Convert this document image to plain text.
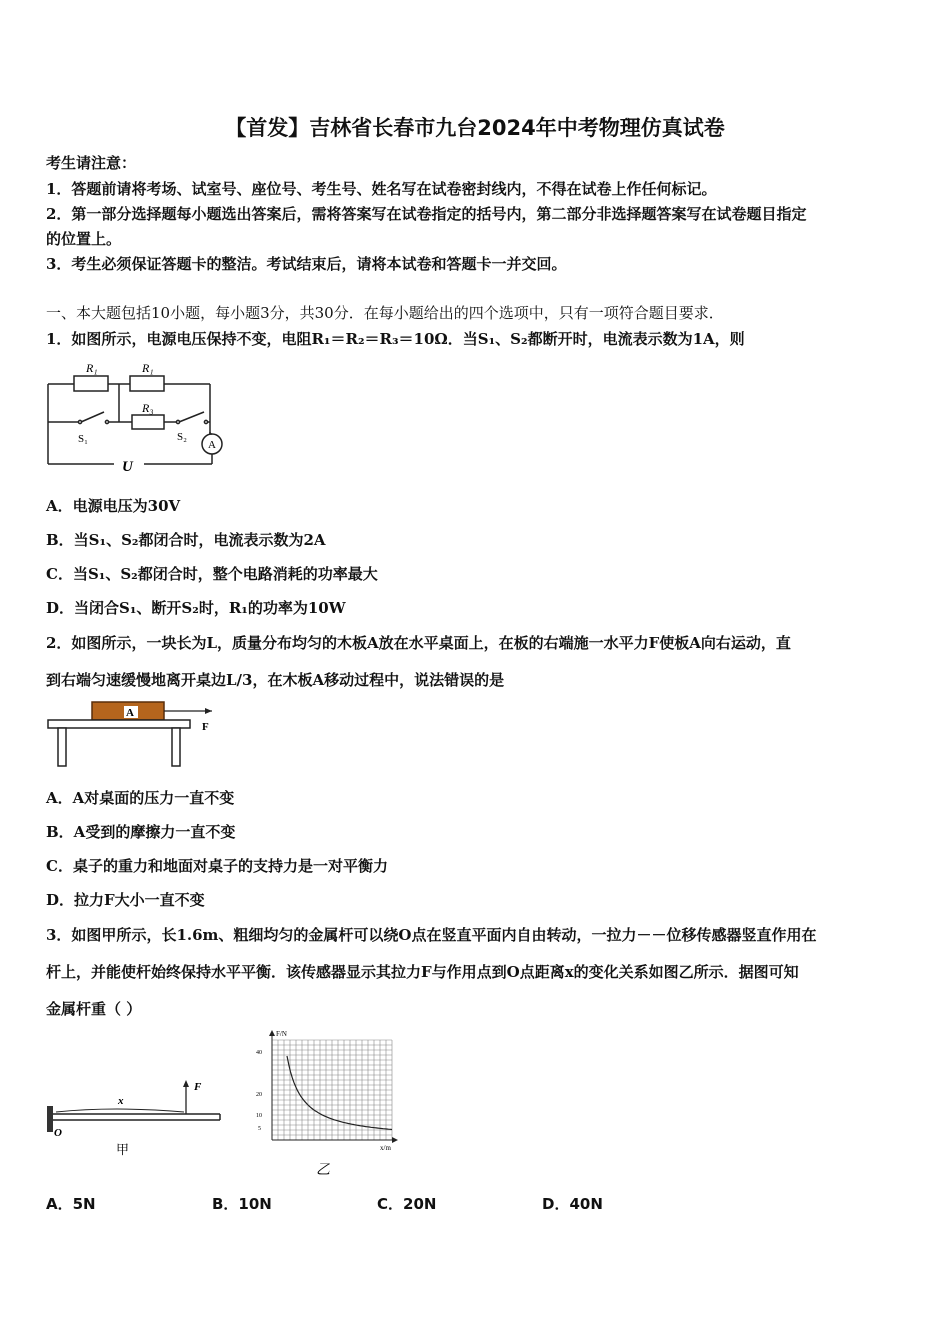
【首发】吉林省长春市九台2024年中考物理仿真试卷
考生请注意：
1．答题前请将考场、试室号、座位号、考生号、姓名写在试卷密封线内，不得在试卷上作任何标记。
2．第一部分选择题每小题选出答案后，需将答案写在试卷指定的括号内，第二部分非选择题答案写在试卷题目指定
的位置上。
3．考生必须保证答题卡的整洁。考试结束后，请将本试卷和答题卡一并交回。
一、本大题包括10小题，每小题3分，共30分．在每小题给出的四个选项中，只有一项符合题目要求．
1．如图所示，电源电压保持不变，电阻R₁＝R₂＝R₃＝10Ω．当S₁、S₂都断开时，电流表示数为1A，则
R₁	R₁
R₃
S₁	S₂
A
U
A．电源电压为30V
B．当S₁、S₂都闭合时，电流表示数为2A
C．当S₁、S₂都闭合时，整个电路消耗的功率最大
D．当闭合S₁、断开S₂时，R₁的功率为10W
2．如图所示，一块长为L，质量分布均匀的木板A放在水平桌面上，在板的右端施一水平力F使板A向右运动，直
到右端匀速缓慢地离开桌边L/3，在木板A移动过程中，说法错误的是
A
F
A．A对桌面的压力一直不变
B．A受到的摩擦力一直不变
C．桌子的重力和地面对桌子的支持力是一对平衡力
D．拉力F大小一直不变
3．如图甲所示，长1.6m、粗细均匀的金属杆可以绕O点在竖直平面内自由转动，一拉力－－位移传感器竖直作用在
杆上，并能使杆始终保持水平平衡．该传感器显示其拉力F与作用点到O点距离x的变化关系如图乙所示．据图可知
金属杆重（ ）
F
x
O
甲
F/N
x/m
40
20
10
5
乙
A．5N	B．10N	C．20N	D．40N
